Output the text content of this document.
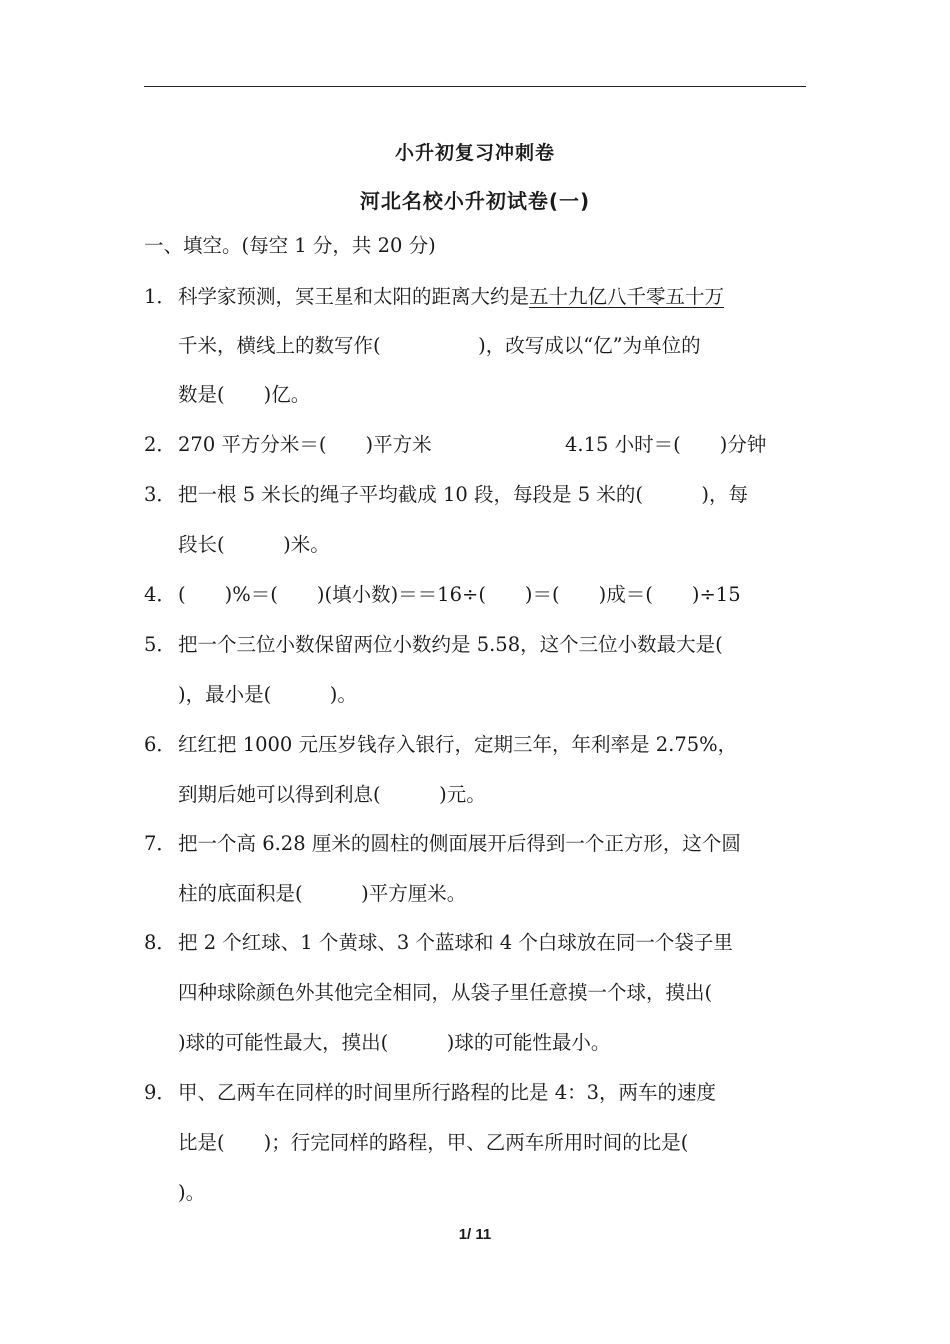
小升初复习冲刺卷
河北名校小升初试卷(一)
一、填空。(每空 1 分，共 20 分)
1． 科学家预测，冥王星和太阳的距离大约是五十九亿八千零五十万
千米，横线上的数写作(　　　　　)，改写成以“亿”为单位的
数是(　　)亿。
2． 270 平方分米＝(　　)平方米	4.15 小时＝(　　)分钟
3． 把一根 5 米长的绳子平均截成 10 段，每段是 5 米的(　　　)，每
段长(　　　)米。
4． (　　)%＝(　　)(填小数)＝＝16÷(　　)＝(　　)成＝(　　)÷15
5． 把一个三位小数保留两位小数约是 5.58，这个三位小数最大是(
)，最小是(　　　)。
6． 红红把 1000 元压岁钱存入银行，定期三年，年利率是 2.75%，
到期后她可以得到利息(　　　)元。
7． 把一个高 6.28 厘米的圆柱的侧面展开后得到一个正方形，这个圆
柱的底面积是(　　　)平方厘米。
8． 把 2 个红球、1 个黄球、3 个蓝球和 4 个白球放在同一个袋子里
四种球除颜色外其他完全相同，从袋子里任意摸一个球，摸出(
)球的可能性最大，摸出(　　　)球的可能性最小。
9． 甲、乙两车在同样的时间里所行路程的比是 4：3，两车的速度
比是(　　)；行完同样的路程，甲、乙两车所用时间的比是(
)。
1/ 11
